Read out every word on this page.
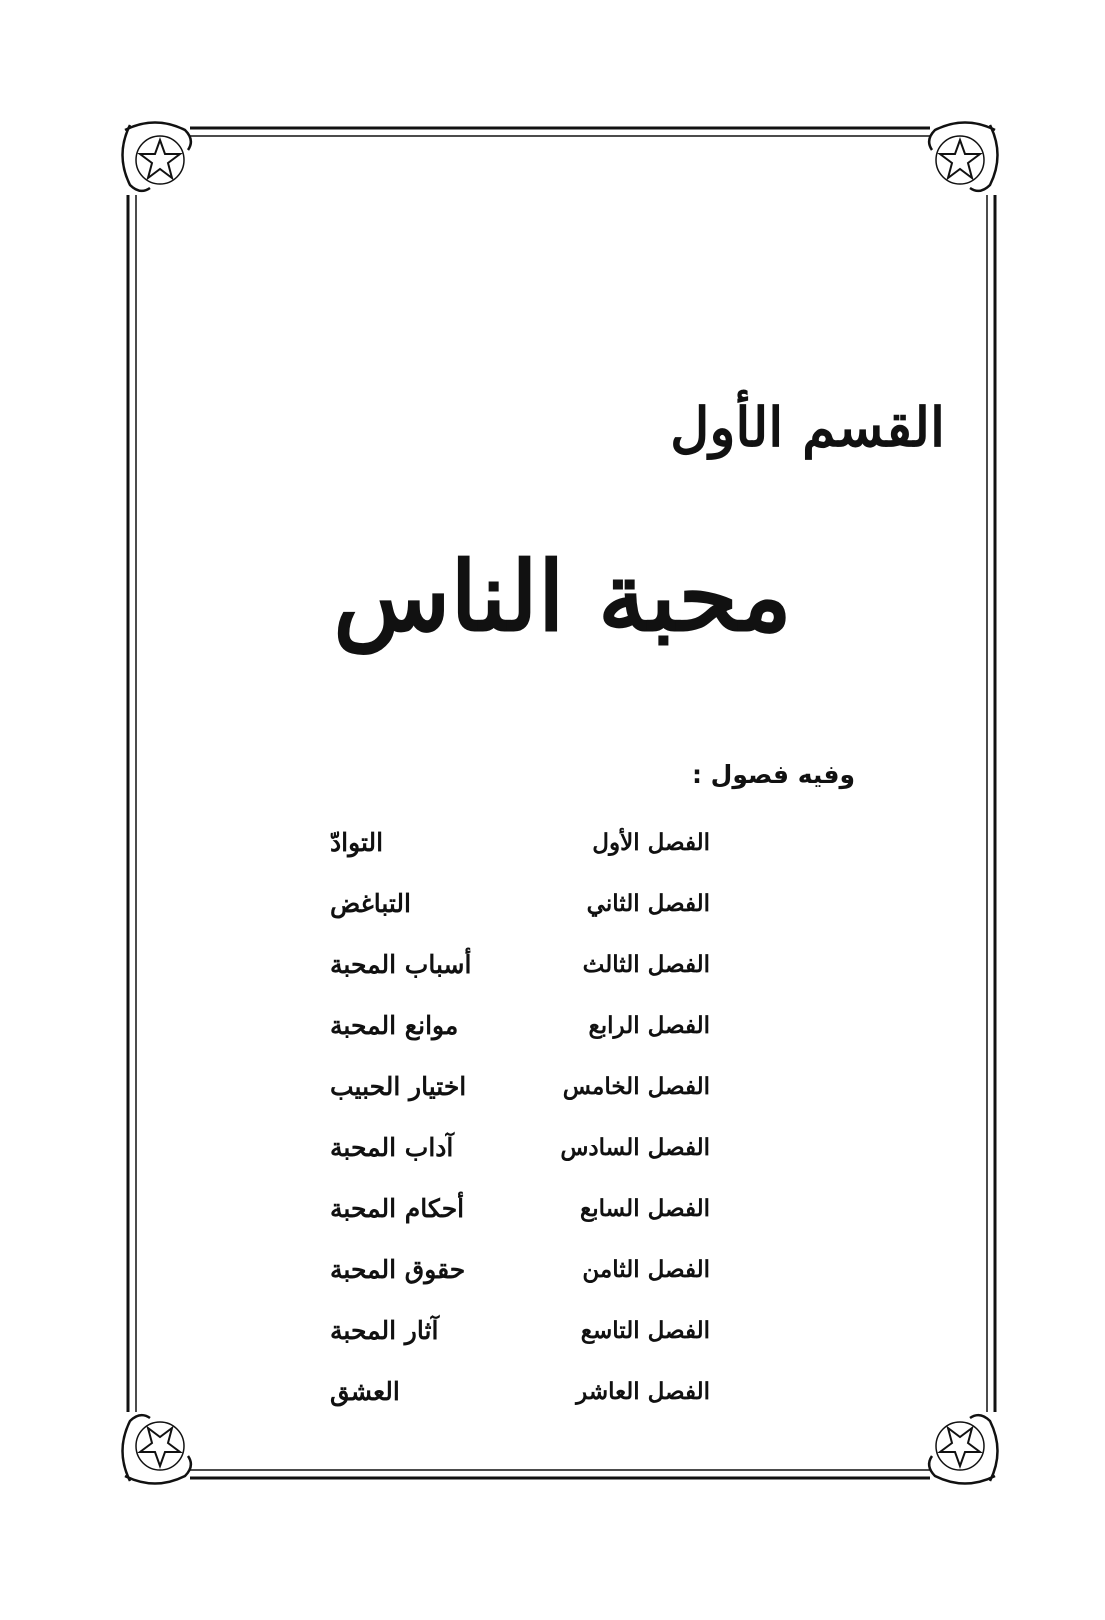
القسم الأول
محبة الناس
وفيه فصول :
الفصل الأول
التوادّ
الفصل الثاني
التباغض
الفصل الثالث
أسباب المحبة
الفصل الرابع
موانع المحبة
الفصل الخامس
اختيار الحبيب
الفصل السادس
آداب المحبة
الفصل السابع
أحكام المحبة
الفصل الثامن
حقوق المحبة
الفصل التاسع
آثار المحبة
الفصل العاشر
العشق
